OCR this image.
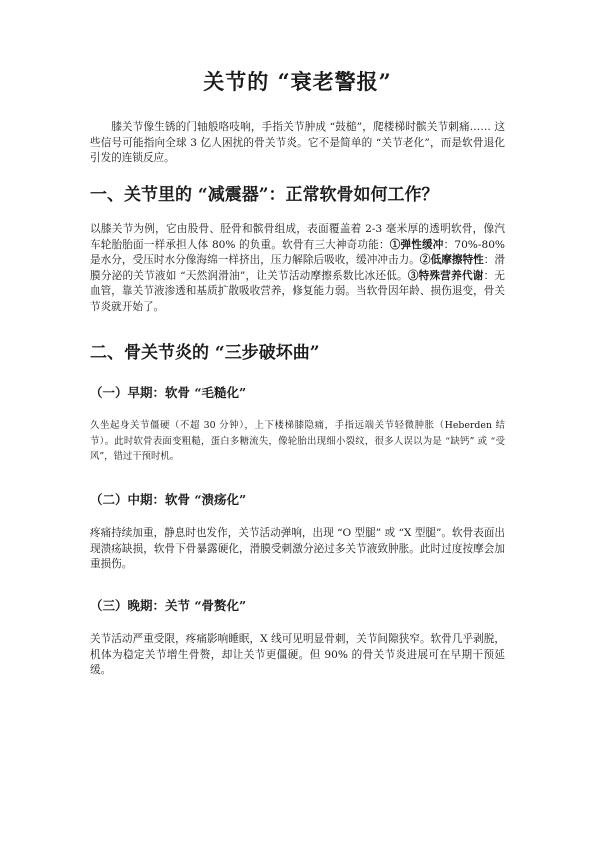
关节的 “衰老警报”
膝关节像生锈的门轴般咯吱响，手指关节肿成 “鼓槌”，爬楼梯时髌关节刺痛…… 这些信号可能指向全球 3 亿人困扰的骨关节炎。它不是简单的 “关节老化”，而是软骨退化引发的连锁反应。
一、关节里的 “减震器”：正常软骨如何工作？
以膝关节为例，它由股骨、胫骨和髌骨组成，表面覆盖着 2-3 毫米厚的透明软骨，像汽车轮胎胎面一样承担人体 80% 的负重。软骨有三大神奇功能：①弹性缓冲：70%-80% 是水分，受压时水分像海绵一样挤出，压力解除后吸收，缓冲冲击力。②低摩擦特性：滑膜分泌的关节液如 “天然润滑油”，让关节活动摩擦系数比冰还低。③特殊营养代谢：无血管，靠关节液渗透和基质扩散吸收营养，修复能力弱。当软骨因年龄、损伤退变，骨关节炎就开始了。
二、骨关节炎的 “三步破坏曲”
（一）早期：软骨 “毛糙化”
久坐起身关节僵硬（不超 30 分钟），上下楼梯膝隐痛，手指远端关节轻微肿胀（Heberden 结节）。此时软骨表面变粗糙，蛋白多糖流失，像轮胎出现细小裂纹，很多人误以为是 “缺钙” 或 “受风”，错过干预时机。
（二）中期：软骨 “溃疡化”
疼痛持续加重，静息时也发作，关节活动弹响，出现 “O 型腿” 或 “X 型腿”。软骨表面出现溃疡缺损，软骨下骨暴露硬化，滑膜受刺激分泌过多关节液致肿胀。此时过度按摩会加重损伤。
（三）晚期：关节 “骨赘化”
关节活动严重受限，疼痛影响睡眠，X 线可见明显骨刺，关节间隙狭窄。软骨几乎剥脱，机体为稳定关节增生骨赘，却让关节更僵硬。但 90% 的骨关节炎进展可在早期干预延缓。
